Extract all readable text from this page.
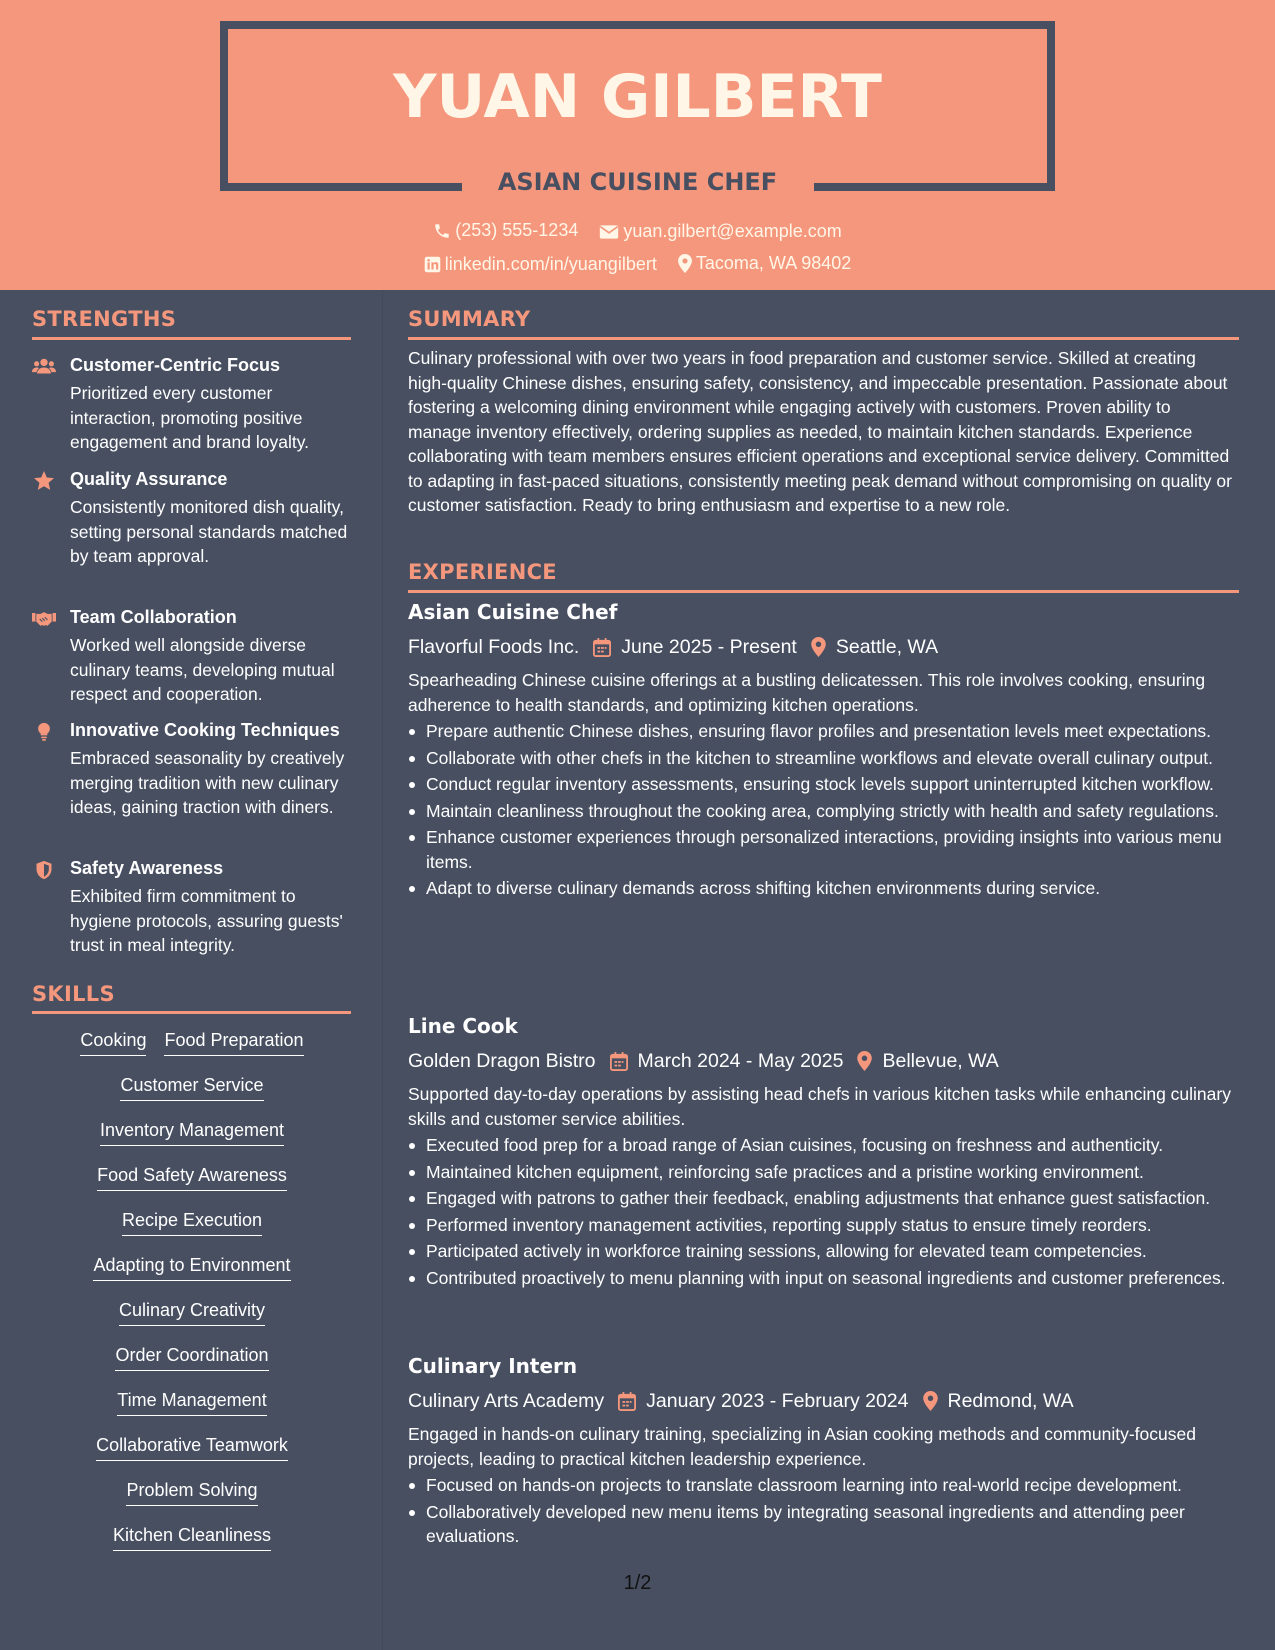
YUAN GILBERT
ASIAN CUISINE CHEF
(253) 555-1234
	yuan.gilbert@example.com
linkedin.com/in/yuangilbert
Tacoma, WA 98402
STRENGTHS
Customer-Centric Focus
Prioritized every customer interaction, promoting positive engagement and brand loyalty.
Quality Assurance
Consistently monitored dish quality, setting personal standards matched by team approval.
Team Collaboration
Worked well alongside diverse culinary teams, developing mutual respect and cooperation.
Innovative Cooking Techniques
Embraced seasonality by creatively merging tradition with new culinary ideas, gaining traction with diners.
Safety Awareness
Exhibited firm commitment to hygiene protocols, assuring guests' trust in meal integrity.
SKILLS
Cooking Food Preparation
Customer Service
Inventory Management
Food Safety Awareness
Recipe Execution
Adapting to Environment
Culinary Creativity
Order Coordination
Time Management
Collaborative Teamwork
Problem Solving
Kitchen Cleanliness
SUMMARY
Culinary professional with over two years in food preparation and customer service. Skilled at creating high-quality Chinese dishes, ensuring safety, consistency, and impeccable presentation. Passionate about fostering a welcoming dining environment while engaging actively with customers. Proven ability to manage inventory effectively, ordering supplies as needed, to maintain kitchen standards. Experience collaborating with team members ensures efficient operations and exceptional service delivery. Committed to adapting in fast-paced situations, consistently meeting peak demand without compromising on quality or customer satisfaction. Ready to bring enthusiasm and expertise to a new role.
EXPERIENCE
Asian Cuisine Chef
Flavorful Foods Inc. June 2025 - Present Seattle, WA
Spearheading Chinese cuisine offerings at a bustling delicatessen. This role involves cooking, ensuring adherence to health standards, and optimizing kitchen operations.
Prepare authentic Chinese dishes, ensuring flavor profiles and presentation levels meet expectations.
Collaborate with other chefs in the kitchen to streamline workflows and elevate overall culinary output.
Conduct regular inventory assessments, ensuring stock levels support uninterrupted kitchen workflow.
Maintain cleanliness throughout the cooking area, complying strictly with health and safety regulations.
Enhance customer experiences through personalized interactions, providing insights into various menu items.
Adapt to diverse culinary demands across shifting kitchen environments during service.
Line Cook
Golden Dragon Bistro March 2024 - May 2025 Bellevue, WA
Supported day-to-day operations by assisting head chefs in various kitchen tasks while enhancing culinary skills and customer service abilities.
Executed food prep for a broad range of Asian cuisines, focusing on freshness and authenticity.
Maintained kitchen equipment, reinforcing safe practices and a pristine working environment.
Engaged with patrons to gather their feedback, enabling adjustments that enhance guest satisfaction.
Performed inventory management activities, reporting supply status to ensure timely reorders.
Participated actively in workforce training sessions, allowing for elevated team competencies.
Contributed proactively to menu planning with input on seasonal ingredients and customer preferences.
Culinary Intern
Culinary Arts Academy January 2023 - February 2024 Redmond, WA
Engaged in hands-on culinary training, specializing in Asian cooking methods and community-focused projects, leading to practical kitchen leadership experience.
Focused on hands-on projects to translate classroom learning into real-world recipe development.
Collaboratively developed new menu items by integrating seasonal ingredients and attending peer evaluations.
1/2
